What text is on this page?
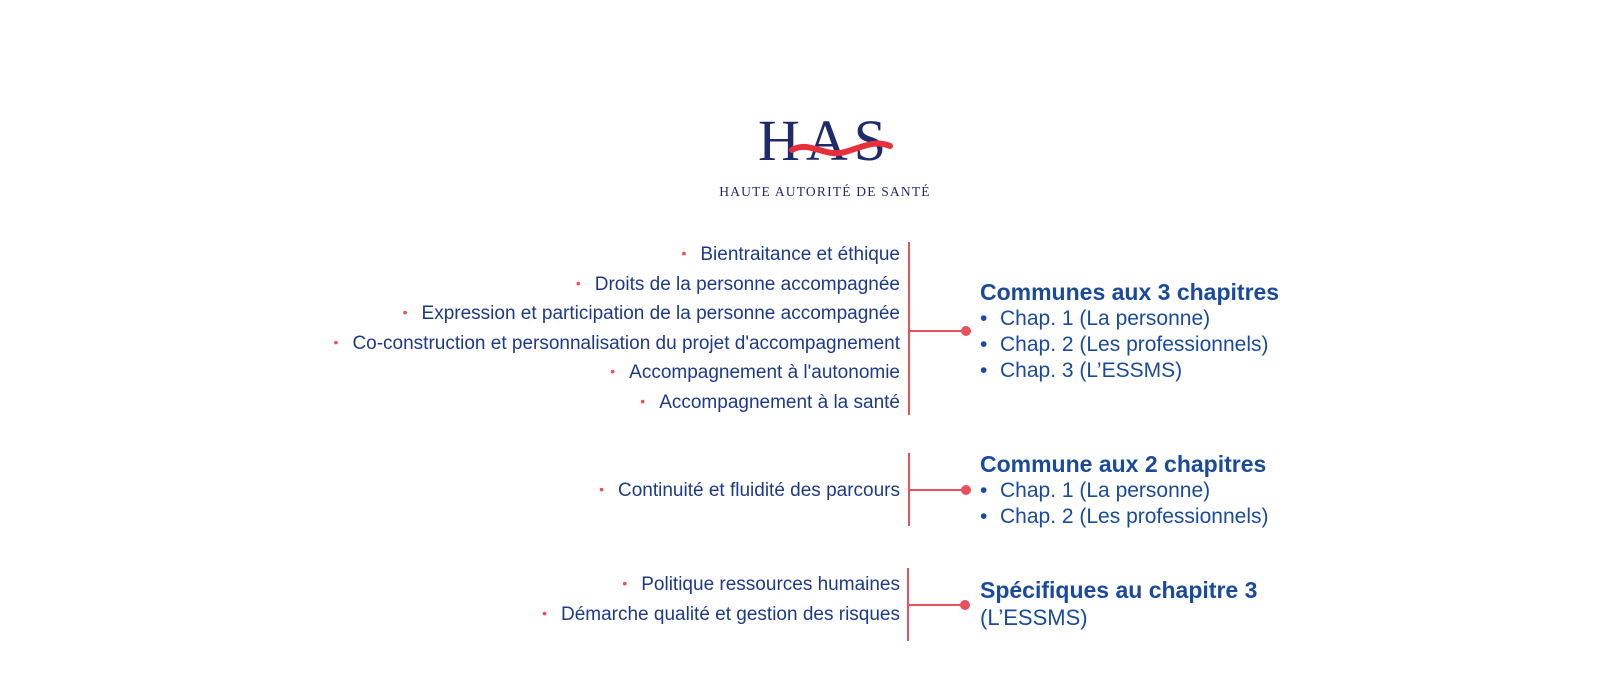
HAS
HAUTE AUTORITÉ DE SANTÉ
• Bientraitance et éthique
• Droits de la personne accompagnée
• Expression et participation de la personne accompagnée
• Co-construction et personnalisation du projet d'accompagnement
• Accompagnement à l'autonomie
• Accompagnement à la santé
Communes aux 3 chapitres
• Chap. 1 (La personne)
• Chap. 2 (Les professionnels)
• Chap. 3 (L’ESSMS)
• Continuité et fluidité des parcours
Commune aux 2 chapitres
• Chap. 1 (La personne)
• Chap. 2 (Les professionnels)
• Politique ressources humaines
• Démarche qualité et gestion des risques
Spécifiques au chapitre 3
(L’ESSMS)
